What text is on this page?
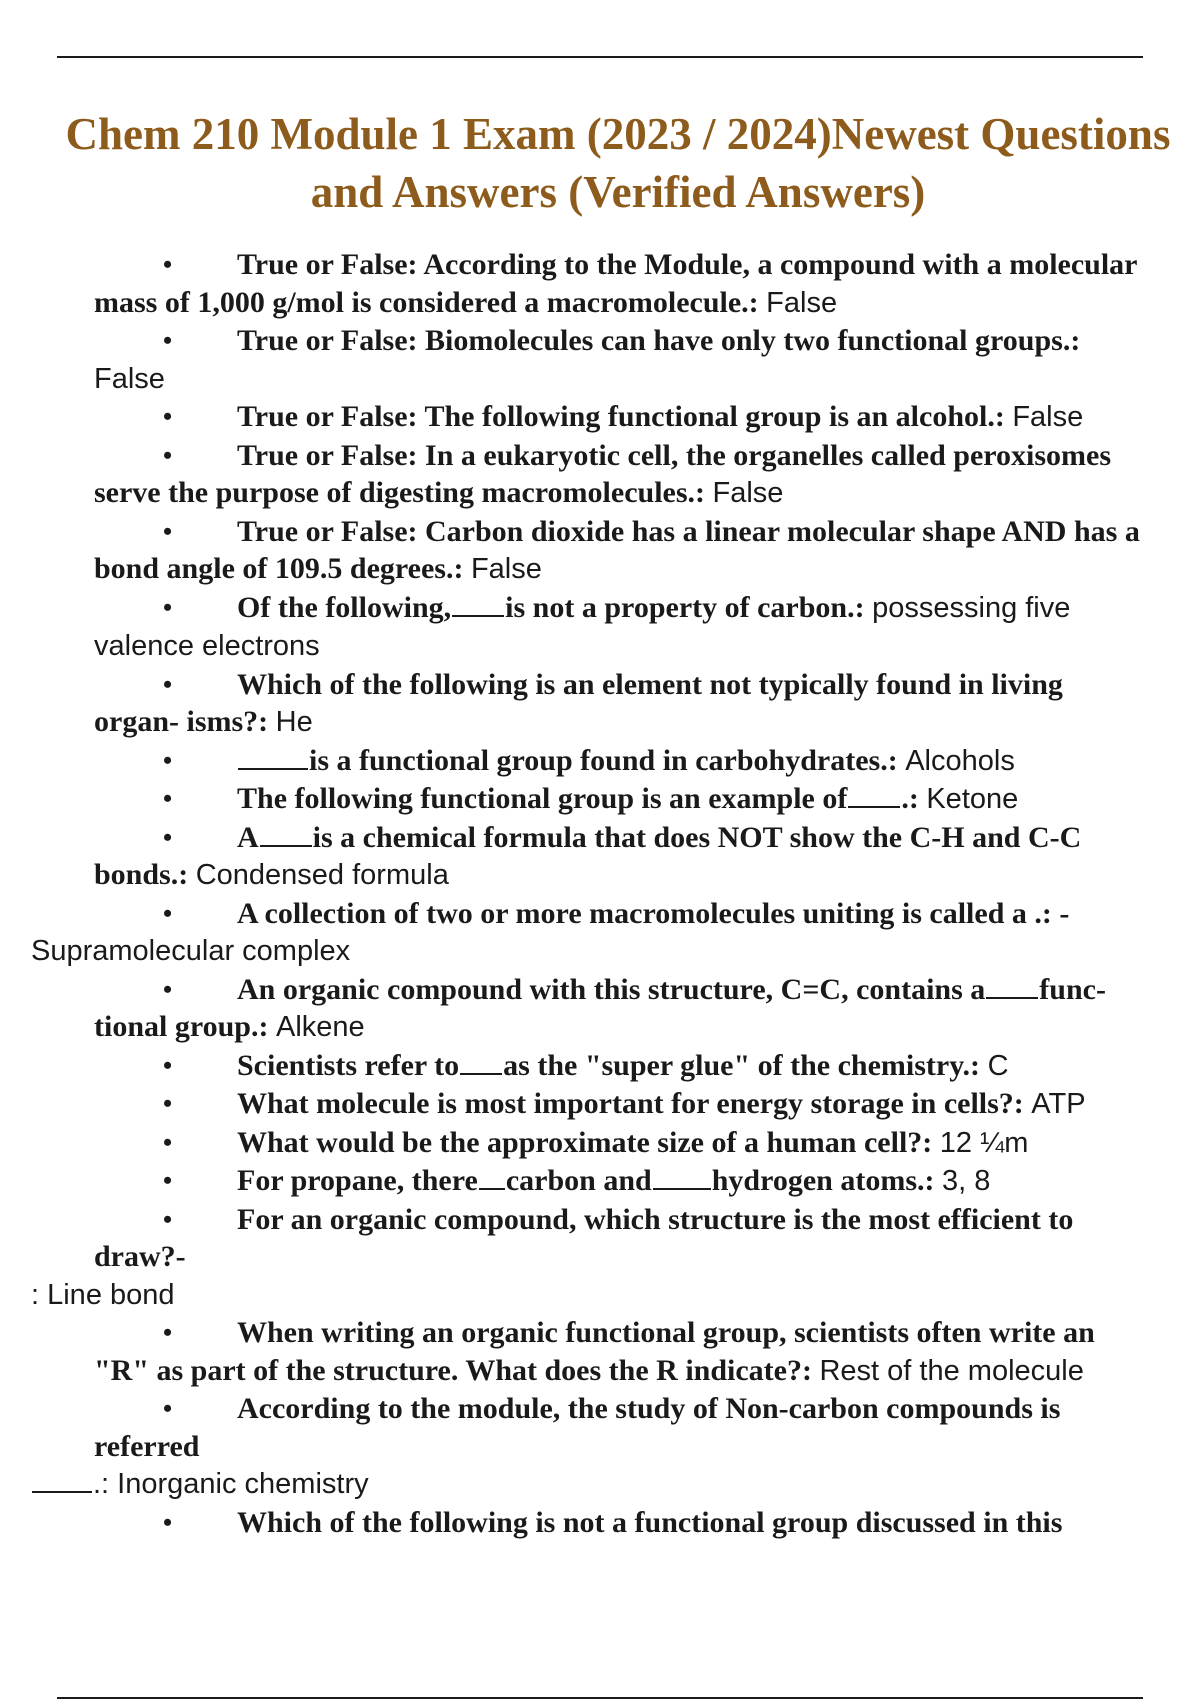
Chem 210 Module 1 Exam (2023 / 2024)Newest Questions
and Answers (Verified Answers)
• True or False: According to the Module, a compound with a molecular
mass of 1,000 g/mol is considered a macromolecule.: False
• True or False: Biomolecules can have only two functional groups.:
False
• True or False: The following functional group is an alcohol.: False
• True or False: In a eukaryotic cell, the organelles called peroxisomes
serve the purpose of digesting macromolecules.: False
• True or False: Carbon dioxide has a linear molecular shape AND has a
bond angle of 109.5 degrees.: False
• Of the following, is not a property of carbon.: possessing five
valence electrons
• Which of the following is an element not typically found in living
organ- isms?: He
•	is a functional group found in carbohydrates.: Alcohols
• The following functional group is an example of .: Ketone
• A is a chemical formula that does NOT show the C-H and C-C
bonds.: Condensed formula
• A collection of two or more macromolecules uniting is called a .: -
Supramolecular complex
• An organic compound with this structure, C=C, contains a func-
tional group.: Alkene
• Scientists refer to as the "super glue" of the chemistry.: C
• What molecule is most important for energy storage in cells?: ATP
• What would be the approximate size of a human cell?: 12 ¼m
• For propane, there carbon and hydrogen atoms.: 3, 8
• For an organic compound, which structure is the most efficient to
draw?-
: Line bond
• When writing an organic functional group, scientists often write an
"R" as part of the structure. What does the R indicate?: Rest of the molecule
• According to the module, the study of Non-carbon compounds is
referred
.: Inorganic chemistry
• Which of the following is not a functional group discussed in this
